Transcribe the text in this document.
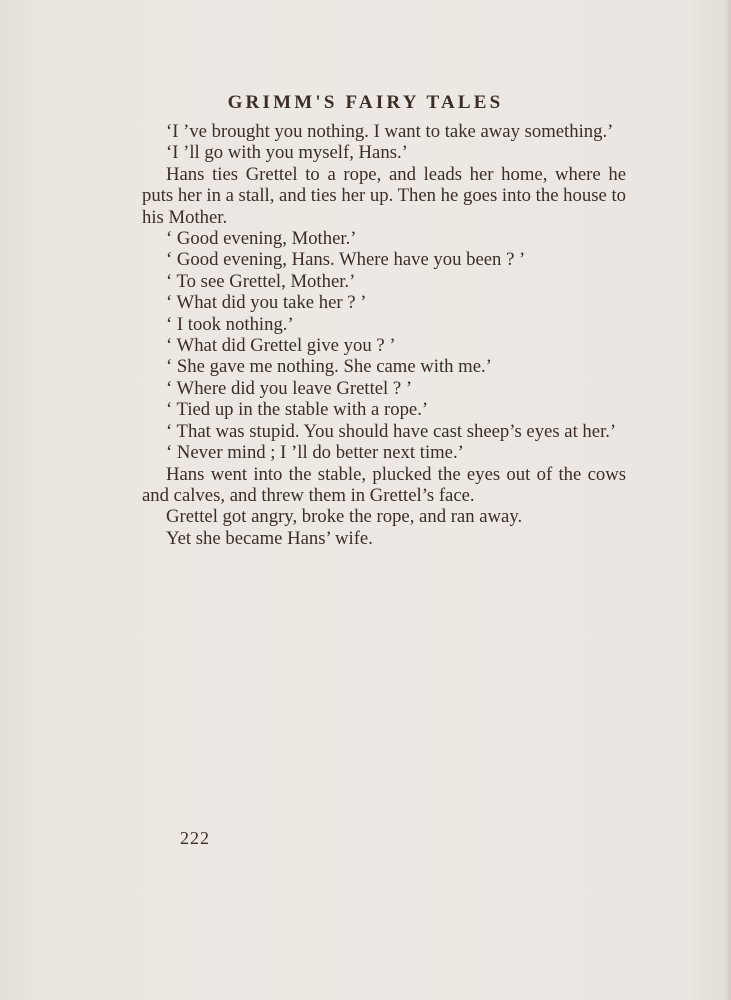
GRIMM'S FAIRY TALES

‘I ’ve brought you nothing. I want to take away something.’

‘I ’ll go with you myself, Hans.’

Hans ties Grettel to a rope, and leads her home, where he puts her in a stall, and ties her up. Then he goes into the house to his Mother.

‘ Good evening, Mother.’

‘ Good evening, Hans. Where have you been ? ’

‘ To see Grettel, Mother.’

‘ What did you take her ? ’

‘ I took nothing.’

‘ What did Grettel give you ? ’

‘ She gave me nothing. She came with me.’

‘ Where did you leave Grettel ? ’

‘ Tied up in the stable with a rope.’

‘ That was stupid. You should have cast sheep’s eyes at her.’

‘ Never mind ; I ’ll do better next time.’

Hans went into the stable, plucked the eyes out of the cows and calves, and threw them in Grettel’s face.

Grettel got angry, broke the rope, and ran away.

Yet she became Hans’ wife.

222
